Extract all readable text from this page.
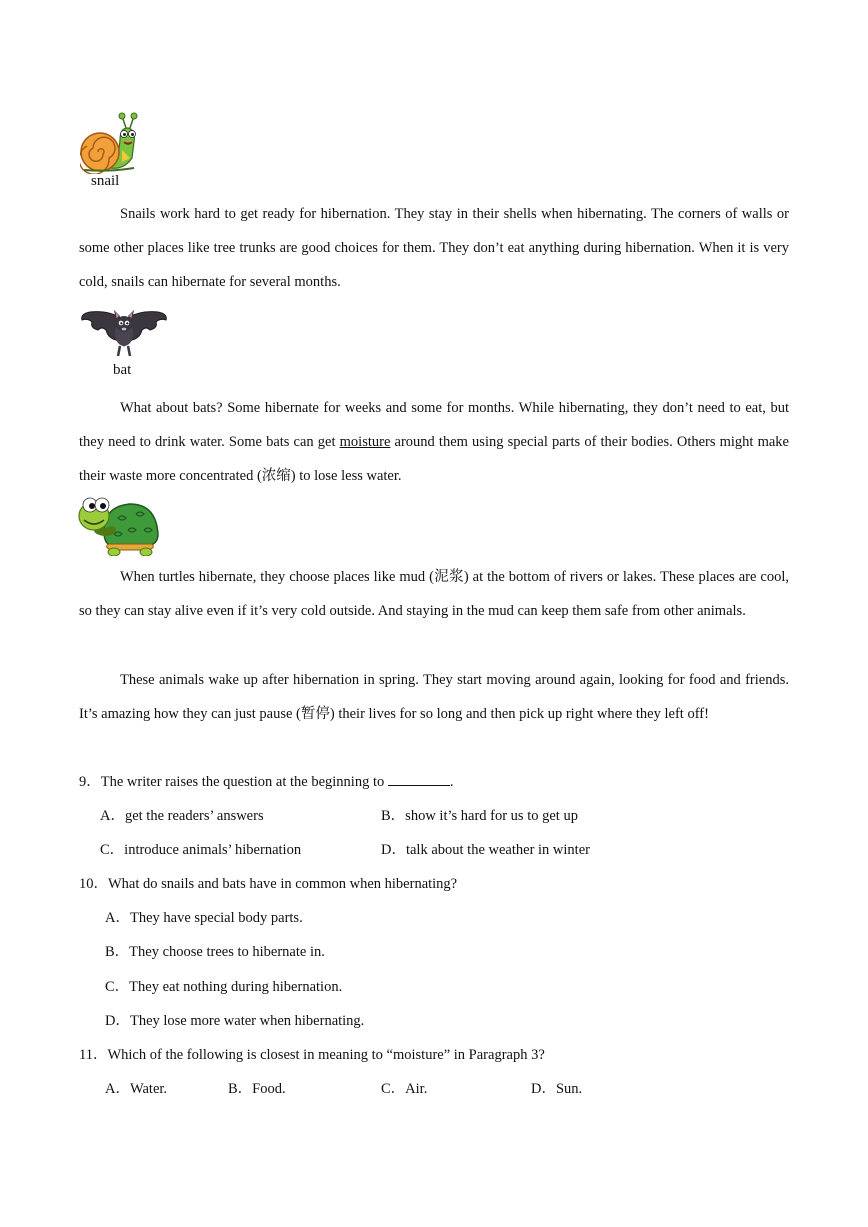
snail

Snails work hard to get ready for hibernation. They stay in their shells when hibernating. The corners of walls or some other places like tree trunks are good choices for them. They don’t eat anything during hibernation. When it is very cold, snails can hibernate for several months.

bat

What about bats? Some hibernate for weeks and some for months. While hibernating, they don’t need to eat, but they need to drink water. Some bats can get moisture around them using special parts of their bodies. Others might make their waste more concentrated (浓缩) to lose less water.

When turtles hibernate, they choose places like mud (泥浆) at the bottom of rivers or lakes. These places are cool, so they can stay alive even if it’s very cold outside. And staying in the mud can keep them safe from other animals.

These animals wake up after hibernation in spring. They start moving around again, looking for food and friends. It’s amazing how they can just pause (暂停) their lives for so long and then pick up right where they left off!

9．The writer raises the question at the beginning to	.
A．get the readers’ answers	B．show it’s hard for us to get up
C．introduce animals’ hibernation	D．talk about the weather in winter
10．What do snails and bats have in common when hibernating?
A．They have special body parts.
B．They choose trees to hibernate in.
C．They eat nothing during hibernation.
D．They lose more water when hibernating.
11．Which of the following is closest in meaning to “moisture” in Paragraph 3?
A．Water.	B．Food.	C．Air.	D．Sun.
